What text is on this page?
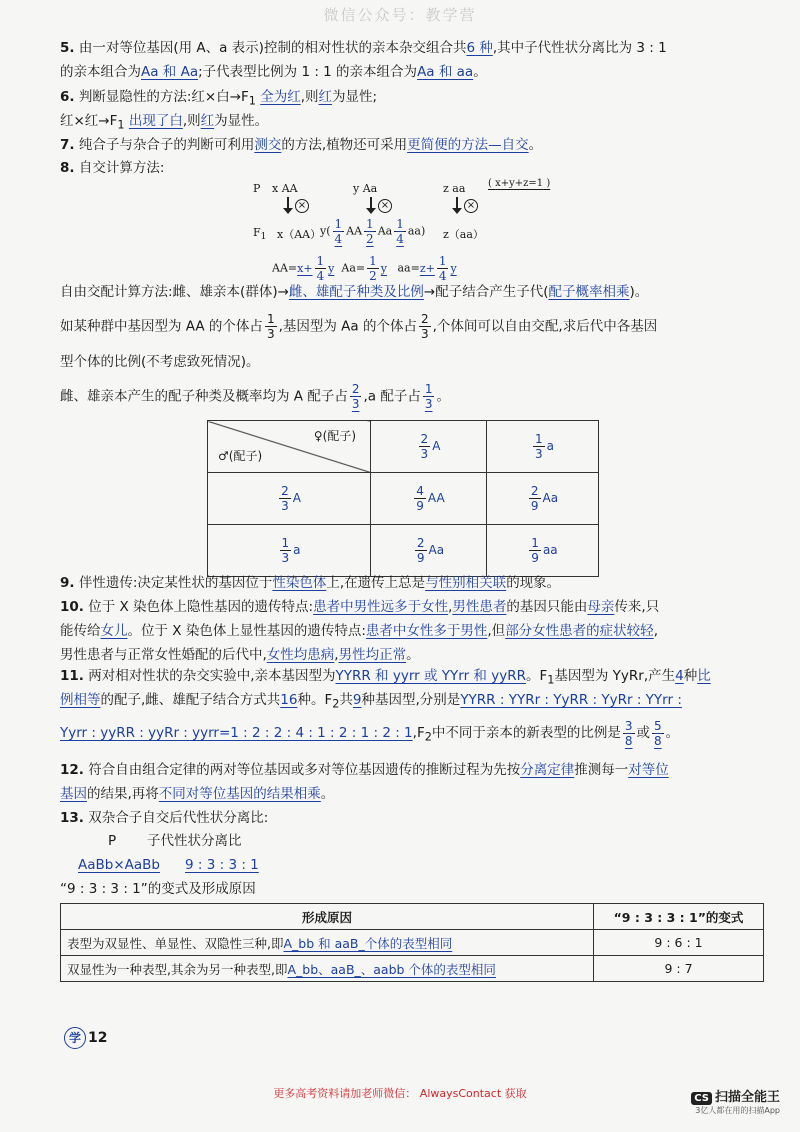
微信公众号：教学营
5. 由一对等位基因(用 A、a 表示)控制的相对性状的亲本杂交组合共6 种,其中子代性状分离比为 3 : 1
的亲本组合为Aa 和 Aa;子代表型比例为 1 : 1 的亲本组合为Aa 和 aa。
6. 判断显隐性的方法:红×白$\to F_1$ 全为红,则红为显性;
红×红$\to F_1$ 出现了白,则红为显性。
7. 纯合子与杂合子的判断可利用测交的方法,植物还可采用更简便的方法—自交。
8. 自交计算方法:
P x AA	y Aa	z aa ( x+y+z=1 )
×	×	×
$F_1$ x（AA）
$y( \frac{1}{4}$ AA $\frac{1}{2}$ Aa $\frac{1}{4} aa$) z（aa）
$AA=x+ \frac{1}{4}$ y $Aa= \frac{1}{2}$ y $aa=z+ \frac{1}{4}$ y
自由交配计算方法:雌、雄亲本(群体)→雌、雄配子种类及比例→配子结合产生子代(配子概率相乘)。
如某种群中基因型为 AA 的个体占 $\frac{1}{3}$ ,基因型为 Aa 的个体占 $\frac{2}{3}$ ,个体间可以自由交配,求后代中各基因
型个体的比例(不考虑致死情况)。
雌、雄亲本产生的配子种类及概率均为 A 配子占 $\frac{2}{3} ,a$ 配子占 $\frac{1}{3}$ 。
♀(配子)
♂(配子)	$\frac{2}{3}$ A	$\frac{1}{3}$ a

$\frac{2}{3}$ A	$\frac{4}{9}$ AA	$\frac{2}{9}$ Aa

$\frac{1}{3}$ a	$\frac{2}{9}$ Aa	$\frac{1}{9}$ aa
9. 伴性遗传:决定某性状的基因位于性染色体上,在遗传上总是与性别相关联的现象。
10. 位于 X 染色体上隐性基因的遗传特点:患者中男性远多于女性,男性患者的基因只能由母亲传来,只
能传给女儿。位于 X 染色体上显性基因的遗传特点:患者中女性多于男性,但部分女性患者的症状较轻,
男性患者与正常女性婚配的后代中,女性均患病,男性均正常。
11. 两对相对性状的杂交实验中,亲本基因型为YYRR 和 yyrr 或 YYrr 和 yyRR。$F_1$基因型为 YyRr,产生4种比
例相等的配子,雌、雄配子结合方式共16种。$F_2$共9种基因型,分别是YYRR : YYRr : YyRR : YyRr : YYrr :
Yyrr : yyRR : yyRr : yyrr=1 : 2 : 2 : 4 : 1 : 2 : 1 : 2 : $1,F_2$中不同于亲本的新表型的比例是 $\frac{3}{8}$ 或 $\frac{5}{8}$ 。
12. 符合自由组合定律的两对等位基因或多对等位基因遗传的推断过程为先按分离定律推测每一对等位
基因的结果,再将不同对等位基因的结果相乘。
13. 双杂合子自交后代性状分离比:
P 子代性状分离比
AaBb×AaBb 9 : 3 : 3 : 1
“9 : 3 : 3 : 1”的变式及形成原因
形成原因	“9 : 3 : 3 : 1”的变式
表型为双显性、单显性、双隐性三种,即A_bb 和 aaB_个体的表型相同	9 : 6 : 1
双显性为一种表型,其余为另一种表型,即A_bb、aaB_、aabb 个体的表型相同	9 : 7
学 12
更多高考资料请加老师微信： AlwaysContact 获取	CS 扫描全能王
3亿人都在用的扫描App
